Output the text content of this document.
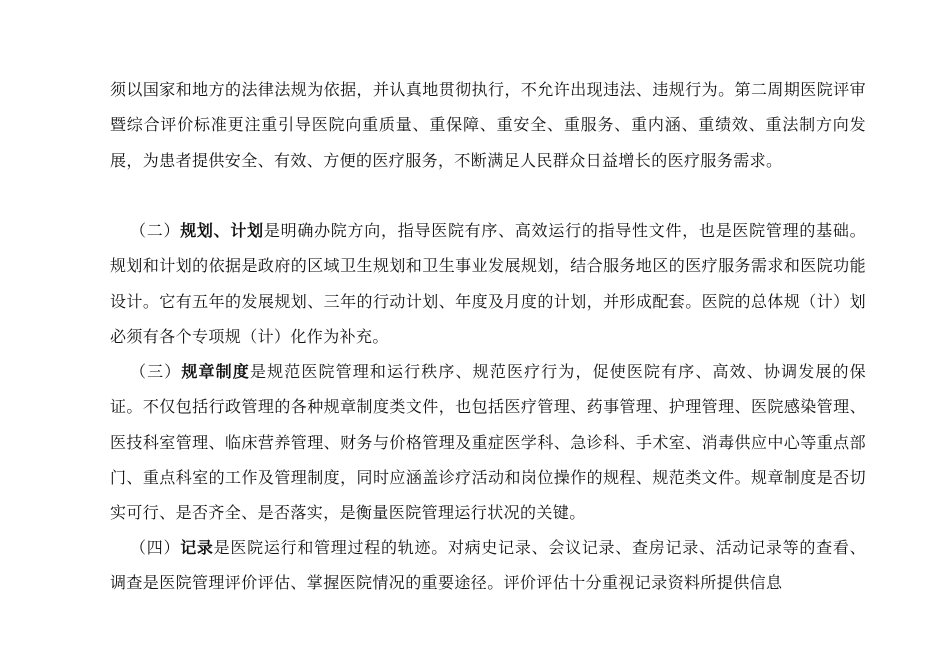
须以国家和地方的法律法规为依据，并认真地贯彻执行，不允许出现违法、违规行为。第二周期医院评审暨综合评价标准更注重引导医院向重质量、重保障、重安全、重服务、重内涵、重绩效、重法制方向发展，为患者提供安全、有效、方便的医疗服务，不断满足人民群众日益增长的医疗服务需求。

（二）规划、计划是明确办院方向，指导医院有序、高效运行的指导性文件，也是医院管理的基础。规划和计划的依据是政府的区域卫生规划和卫生事业发展规划，结合服务地区的医疗服务需求和医院功能设计。它有五年的发展规划、三年的行动计划、年度及月度的计划，并形成配套。医院的总体规（计）划必须有各个专项规（计）化作为补充。

（三）规章制度是规范医院管理和运行秩序、规范医疗行为，促使医院有序、高效、协调发展的保证。不仅包括行政管理的各种规章制度类文件，也包括医疗管理、药事管理、护理管理、医院感染管理、医技科室管理、临床营养管理、财务与价格管理及重症医学科、急诊科、手术室、消毒供应中心等重点部门、重点科室的工作及管理制度，同时应涵盖诊疗活动和岗位操作的规程、规范类文件。规章制度是否切实可行、是否齐全、是否落实，是衡量医院管理运行状况的关键。

（四）记录是医院运行和管理过程的轨迹。对病史记录、会议记录、查房记录、活动记录等的查看、调查是医院管理评价评估、掌握医院情况的重要途径。评价评估十分重视记录资料所提供信息
